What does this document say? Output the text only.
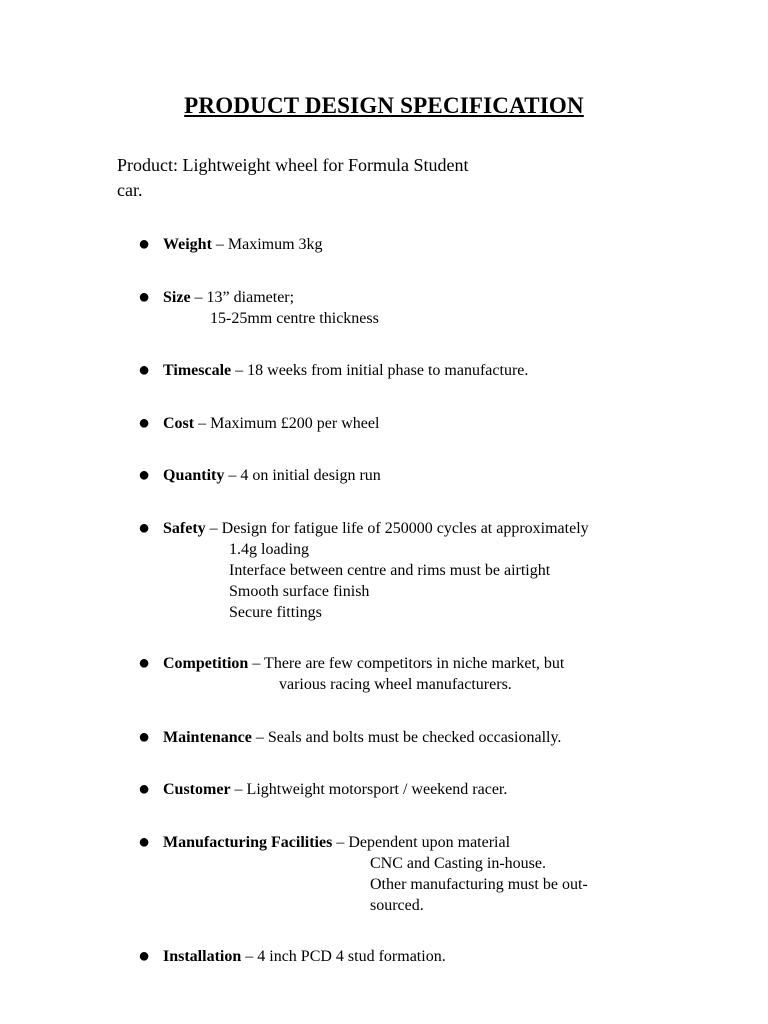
PRODUCT DESIGN SPECIFICATION
Product: Lightweight wheel for Formula Student
car.
● Weight – Maximum 3kg
● Size – 13” diameter;
15-25mm centre thickness
● Timescale – 18 weeks from initial phase to manufacture.
● Cost – Maximum £200 per wheel
● Quantity – 4 on initial design run
● Safety – Design for fatigue life of 250000 cycles at approximately
1.4g loading
Interface between centre and rims must be airtight
Smooth surface finish
Secure fittings
● Competition – There are few competitors in niche market, but
various racing wheel manufacturers.
● Maintenance – Seals and bolts must be checked occasionally.
● Customer – Lightweight motorsport / weekend racer.
● Manufacturing Facilities – Dependent upon material
CNC and Casting in-house.
Other manufacturing must be out-
sourced.
● Installation – 4 inch PCD 4 stud formation.
